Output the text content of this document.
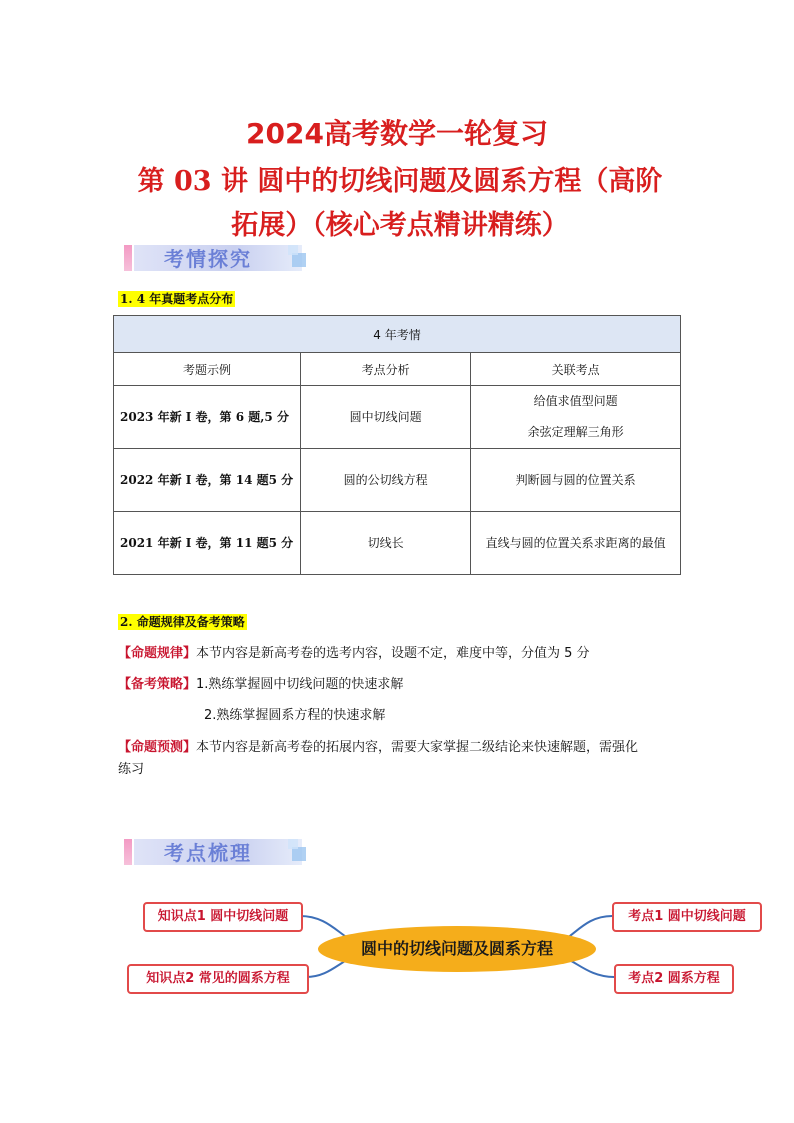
2024高考数学一轮复习
第 03 讲 圆中的切线问题及圆系方程（高阶
拓展）（核心考点精讲精练）
考情探究
1. 4 年真题考点分布
4 年考情		
考题示例	考点分析	关联考点
2023 年新 I 卷，第 6 题,5 分	圆中切线问题	给值求值型问题
余弦定理解三角形

2022 年新 I 卷，第 14 题5 分	圆的公切线方程	判断圆与圆的位置关系

2021 年新 I 卷，第 11 题5 分	切线长	直线与圆的位置关系求距离的最值
2. 命题规律及备考策略
【命题规律】本节内容是新高考卷的选考内容，设题不定，难度中等，分值为 5 分
【备考策略】1.熟练掌握圆中切线问题的快速求解
2.熟练掌握圆系方程的快速求解
【命题预测】本节内容是新高考卷的拓展内容，需要大家掌握二级结论来快速解题，需强化
练习
考点梳理
知识点1 圆中切线问题
知识点2 常见的圆系方程
圆中的切线问题及圆系方程
考点1 圆中切线问题
考点2 圆系方程
